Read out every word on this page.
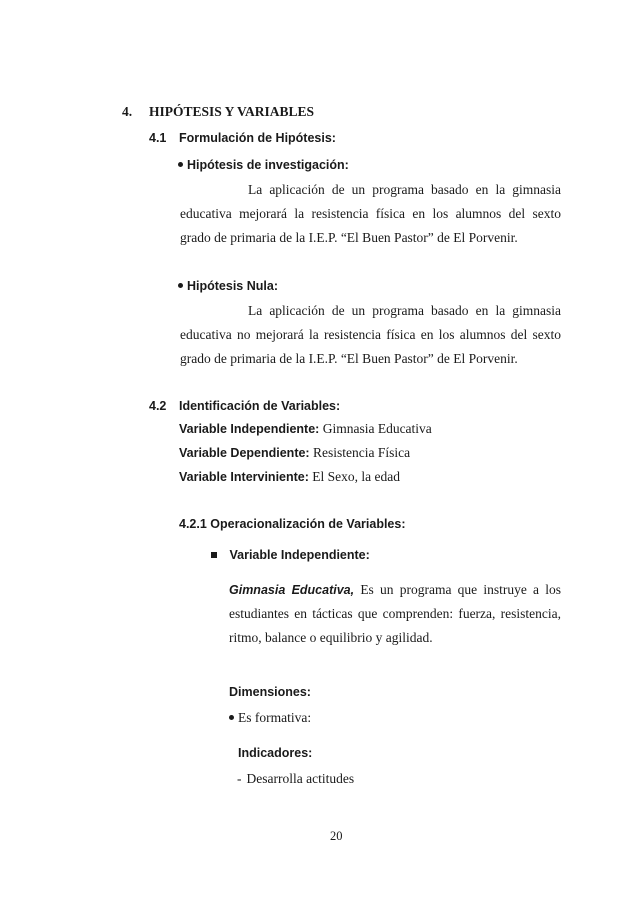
4. HIPÓTESIS Y VARIABLES
4.1 Formulación de Hipótesis:
Hipótesis de investigación:
La aplicación de un programa basado en la gimnasia
educativa mejorará la resistencia física en los alumnos del sexto
grado de primaria de la I.E.P. “El Buen Pastor” de El Porvenir.
Hipótesis Nula:
La aplicación de un programa basado en la gimnasia
educativa no mejorará la resistencia física en los alumnos del sexto
grado de primaria de la I.E.P. “El Buen Pastor” de El Porvenir.
4.2 Identificación de Variables:
Variable Independiente: Gimnasia Educativa
Variable Dependiente: Resistencia Física
Variable Interviniente: El Sexo, la edad
4.2.1 Operacionalización de Variables:
Variable Independiente:
Gimnasia Educativa, Es un programa que instruye a los
estudiantes en tácticas que comprenden: fuerza, resistencia,
ritmo, balance o equilibrio y agilidad.
Dimensiones:
Es formativa:
Indicadores:
- Desarrolla actitudes
20
